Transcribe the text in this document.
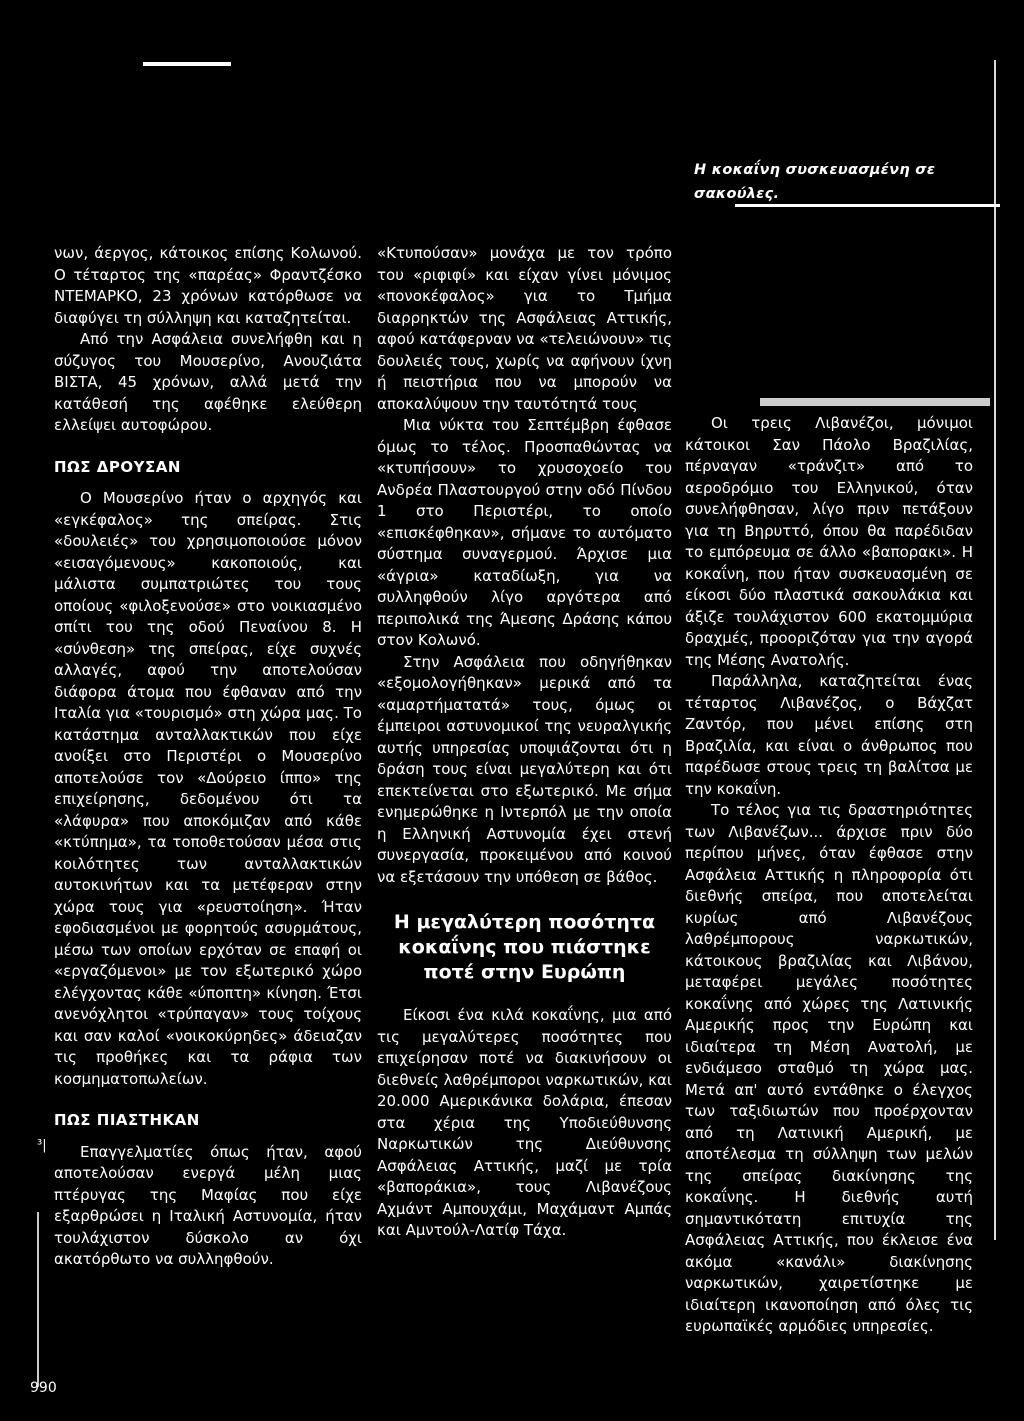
Η κοκαΐνη συσκευασμένη σε σακούλες.

νων, άεργος, κάτοικος επίσης Κολωνού. Ο τέταρτος της «παρέας» Φραντζέσκο ΝΤΕΜΑΡΚΟ, 23 χρόνων κατόρθωσε να διαφύγει τη σύλληψη και καταζητείται.

Από την Ασφάλεια συνελήφθη και η σύζυγος του Μουσερίνο, Ανουζιάτα ΒΙΣΤΑ, 45 χρόνων, αλλά μετά την κατάθεσή της αφέθηκε ελεύθερη ελλείψει αυτοφώρου.

ΠΩΣ ΔΡΟΥΣΑΝ

Ο Μουσερίνο ήταν ο αρχηγός και «εγκέφαλος» της σπείρας. Στις «δουλειές» του χρησιμοποιούσε μόνον «εισαγόμενους» κακοποιούς, και μάλιστα συμπατριώτες του τους οποίους «φιλοξενούσε» στο νοικιασμένο σπίτι του της οδού Πεναίνου 8. Η «σύνθεση» της σπείρας, είχε συχνές αλλαγές, αφού την αποτελούσαν διάφορα άτομα που έφθαναν από την Ιταλία για «τουρισμό» στη χώρα μας. Το κατάστημα ανταλλακτικών που είχε ανοίξει στο Περιστέρι ο Μουσερίνο αποτελούσε τον «Δούρειο ίππο» της επιχείρησης, δεδομένου ότι τα «λάφυρα» που αποκόμιζαν από κάθε «κτύπημα», τα τοποθετούσαν μέσα στις κοιλότητες των ανταλλακτικών αυτοκινήτων και τα μετέφεραν στην χώρα τους για «ρευστοίηση». Ήταν εφοδιασμένοι με φορητούς ασυρμάτους, μέσω των οποίων ερχόταν σε επαφή οι «εργαζόμενοι» με τον εξωτερικό χώρο ελέγχοντας κάθε «ύποπτη» κίνηση. Έτσι ανενόχλητοι «τρύπαγαν» τους τοίχους και σαν καλοί «νοικοκύρηδες» άδειαζαν τις προθήκες και τα ράφια των κοσμηματοπωλείων.

ΠΩΣ ΠΙΑΣΤΗΚΑΝ

Επαγγελματίες όπως ήταν, αφού αποτελούσαν ενεργά μέλη μιας πτέρυγας της Μαφίας που είχε εξαρθρώσει η Ιταλική Αστυνομία, ήταν τουλάχιστον δύσκολο αν όχι ακατόρθωτο να συλληφθούν.

«Κτυπούσαν» μονάχα με τον τρόπο του «ριφιφί» και είχαν γίνει μόνιμος «πονοκέφαλος» για το Τμήμα διαρρηκτών της Ασφάλειας Αττικής, αφού κατάφερναν να «τελειώνουν» τις δουλειές τους, χωρίς να αφήνουν ίχνη ή πειστήρια που να μπορούν να αποκαλύψουν την ταυτότητά τους

Μια νύκτα του Σεπτέμβρη έφθασε όμως το τέλος. Προσπαθώντας να «κτυπήσουν» το χρυσοχοείο του Ανδρέα Πλαστουργού στην οδό Πίνδου 1 στο Περιστέρι, το οποίο «επισκέφθηκαν», σήμανε το αυτόματο σύστημα συναγερμού. Άρχισε μια «άγρια» καταδίωξη, για να συλληφθούν λίγο αργότερα από περιπολικά της Άμεσης Δράσης κάπου στον Κολωνό.

Στην Ασφάλεια που οδηγήθηκαν «εξομολογήθηκαν» μερικά από τα «αμαρτήματατά» τους, όμως οι έμπειροι αστυνομικοί της νευραλγικής αυτής υπηρεσίας υποψιάζονται ότι η δράση τους είναι μεγαλύτερη και ότι επεκτείνεται στο εξωτερικό. Με σήμα ενημερώθηκε η Ιντερπόλ με την οποία η Ελληνική Αστυνομία έχει στενή συνεργασία, προκειμένου από κοινού να εξετάσουν την υπόθεση σε βάθος.

Η μεγαλύτερη ποσότητα κοκαΐνης που πιάστηκε ποτέ στην Ευρώπη

Είκοσι ένα κιλά κοκαΐνης, μια από τις μεγαλύτερες ποσότητες που επιχείρησαν ποτέ να διακινήσουν οι διεθνείς λαθρέμποροι ναρκωτικών, και 20.000 Αμερικάνικα δολάρια, έπεσαν στα χέρια της Υποδιεύθυνσης Ναρκωτικών της Διεύθυνσης Ασφάλειας Αττικής, μαζί με τρία «βαποράκια», τους Λιβανέζους Αχμάντ Αμπουχάμι, Μαχάμαντ Αμπάς και Αμντούλ-Λατίφ Τάχα.

Οι τρεις Λιβανέζοι, μόνιμοι κάτοικοι Σαν Πάολο Βραζιλίας, πέρναγαν «τράνζιτ» από το αεροδρόμιο του Ελληνικού, όταν συνελήφθησαν, λίγο πριν πετάξουν για τη Βηρυττό, όπου θα παρέδιδαν το εμπόρευμα σε άλλο «βαπορακι». Η κοκαΐνη, που ήταν συσκευασμένη σε είκοσι δύο πλαστικά σακουλάκια και άξιζε τουλάχιστον 600 εκατομμύρια δραχμές, προοριζόταν για την αγορά της Μέσης Ανατολής.

Παράλληλα, καταζητείται ένας τέταρτος Λιβανέζος, ο Βάχζατ Ζαντόρ, που μένει επίσης στη Βραζιλία, και είναι ο άνθρωπος που παρέδωσε στους τρεις τη βαλίτσα με την κοκαΐνη.

Το τέλος για τις δραστηριότητες των Λιβανέζων... άρχισε πριν δύο περίπου μήνες, όταν έφθασε στην Ασφάλεια Αττικής η πληροφορία ότι διεθνής σπείρα, που αποτελείται κυρίως από Λιβανέζους λαθρέμπορους ναρκωτικών, κάτοικους βραζιλίας και Λιβάνου, μεταφέρει μεγάλες ποσότητες κοκαΐνης από χώρες της Λατινικής Αμερικής προς την Ευρώπη και ιδιαίτερα τη Μέση Ανατολή, με ενδιάμεσο σταθμό τη χώρα μας. Μετά απ' αυτό εντάθηκε ο έλεγχος των ταξιδιωτών που προέρχονταν από τη Λατινική Αμερική, με αποτέλεσμα τη σύλληψη των μελών της σπείρας διακίνησης της κοκαΐνης. Η διεθνής αυτή σημαντικότατη επιτυχία της Ασφάλειας Αττικής, που έκλεισε ένα ακόμα «κανάλι» διακίνησης ναρκωτικών, χαιρετίστηκε με ιδιαίτερη ικανοποίηση από όλες τις ευρωπαϊκές αρμόδιες υπηρεσίες.

³|
990
